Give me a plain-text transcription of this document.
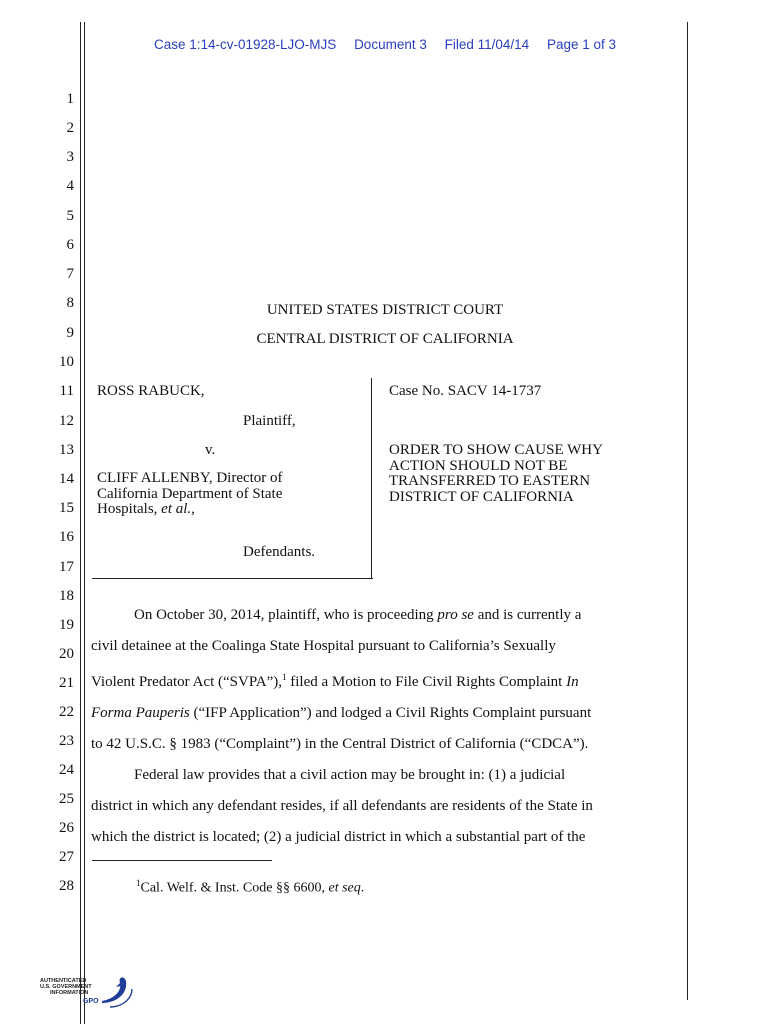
Case 1:14-cv-01928-LJO-MJS Document 3 Filed 11/04/14 Page 1 of 3
1
2
3
4
5
6
7
8
9
10
11
12
13
14
15
16
17
18
19
20
21
22
23
24
25
26
27
28
UNITED STATES DISTRICT COURT
CENTRAL DISTRICT OF CALIFORNIA
ROSS RABUCK,
Plaintiff,
v.
CLIFF ALLENBY, Director of
California Department of State
Hospitals, et al.,
Defendants.
Case No. SACV 14-1737
ORDER TO SHOW CAUSE WHY
ACTION SHOULD NOT BE
TRANSFERRED TO EASTERN
DISTRICT OF CALIFORNIA

On October 30, 2014, plaintiff, who is proceeding pro se and is currently a

civil detainee at the Coalinga State Hospital pursuant to California’s Sexually

Violent Predator Act (“SVPA”),$^1$ filed a Motion to File Civil Rights Complaint In

Forma Pauperis (“IFP Application”) and lodged a Civil Rights Complaint pursuant

to 42 U.S.C. § 1983 (“Complaint”) in the Central District of California (“CDCA”).

Federal law provides that a civil action may be brought in: (1) a judicial

district in which any defendant resides, if all defendants are residents of the State in

which the district is located; (2) a judicial district in which a substantial part of the

$^1$Cal. Welf. & Inst. Code §§ 6600, et seq.
AUTHENTICATED
U.S. GOVERNMENT
INFORMATION
GPO
